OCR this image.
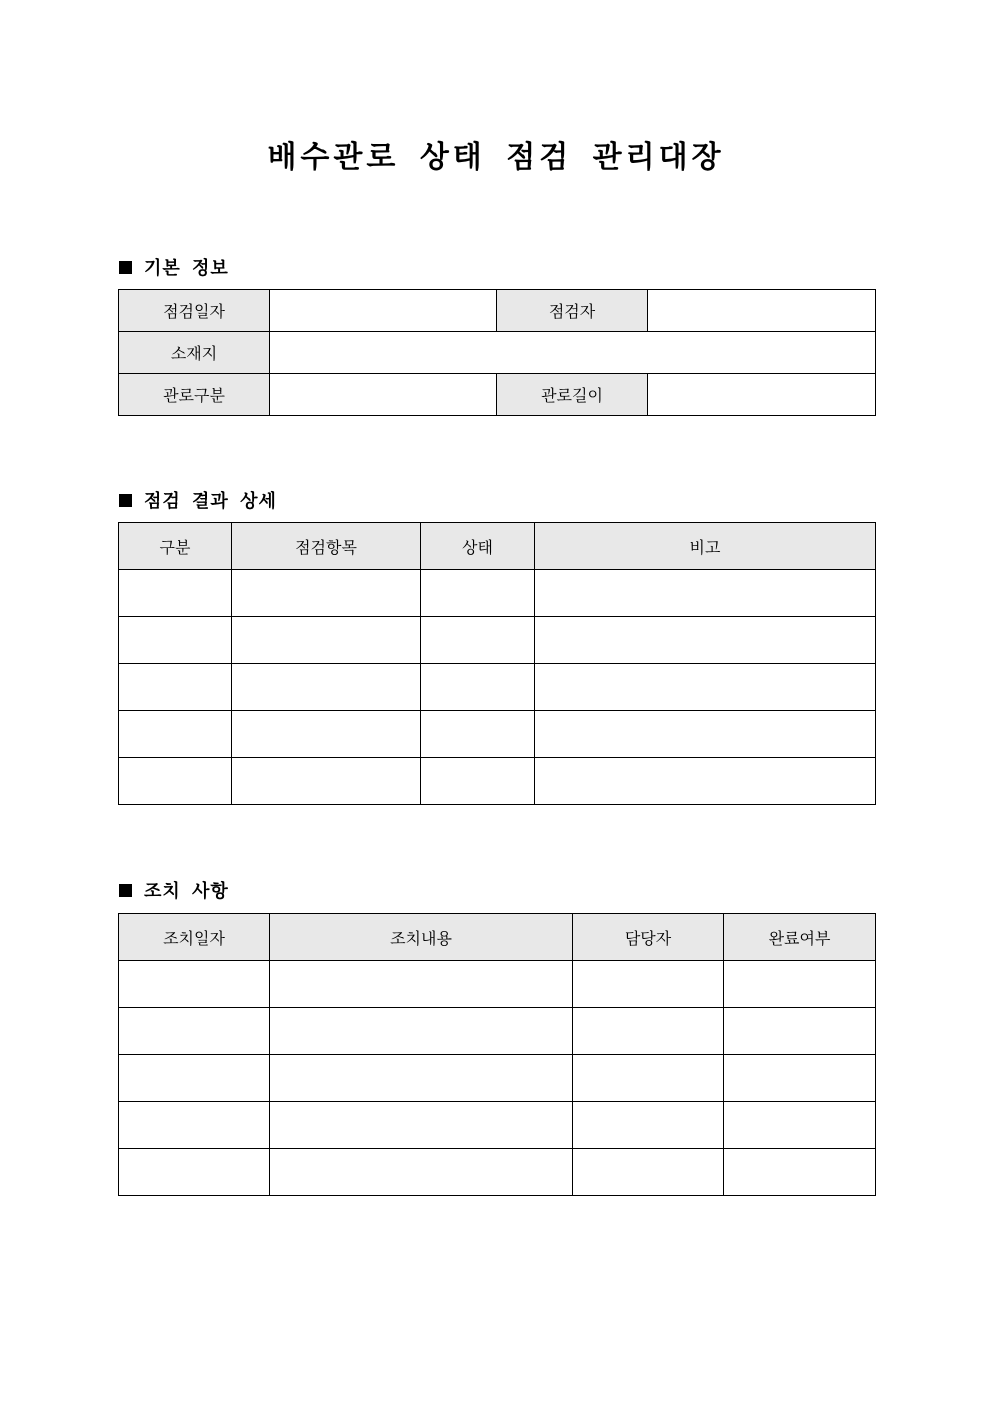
배수관로 상태 점검 관리대장
기본 정보
점검일자		점검자	
소재지			
관로구분		관로길이	
점검 결과 상세
구분	점검항목	상태	비고

조치 사항
조치일자	조치내용	담당자	완료여부
